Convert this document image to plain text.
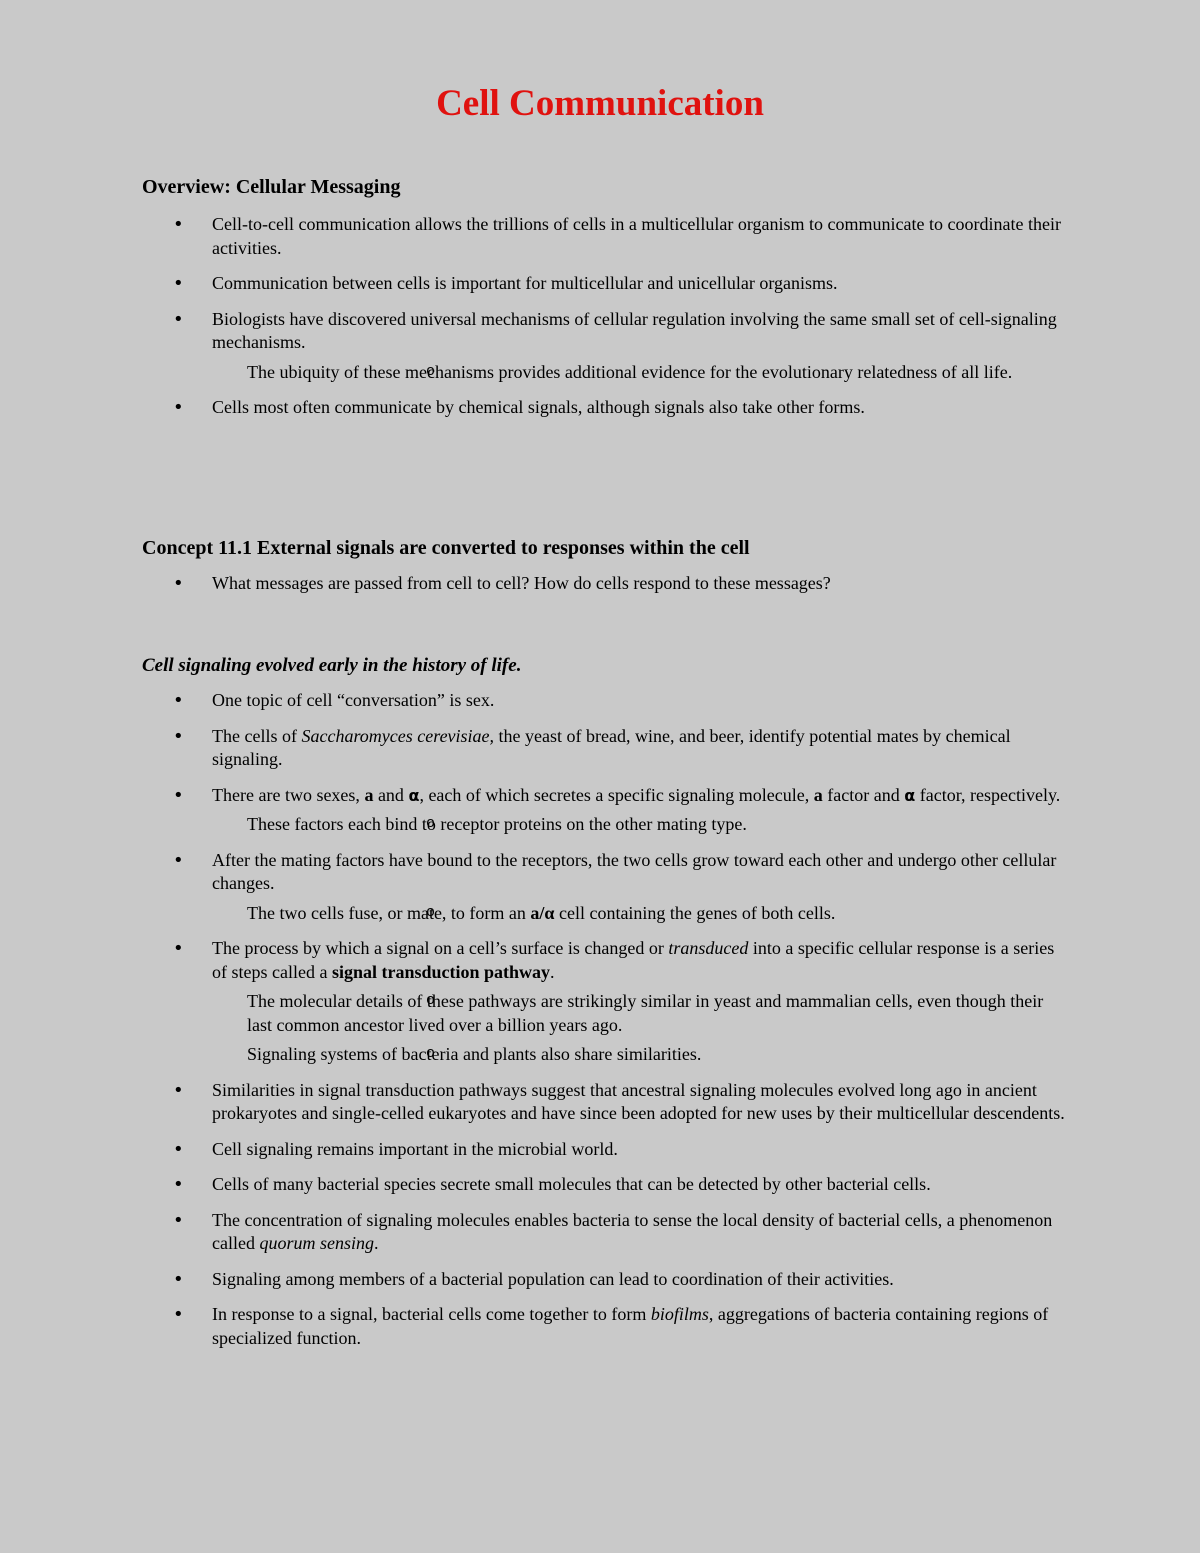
Cell Communication
Overview: Cellular Messaging
• Cell-to-cell communication allows the trillions of cells in a multicellular organism to communicate to coordinate their activities.
• Communication between cells is important for multicellular and unicellular organisms.
• Biologists have discovered universal mechanisms of cellular regulation involving the same small set of cell-signaling mechanisms.
o The ubiquity of these mechanisms provides additional evidence for the evolutionary relatedness of all life.
• Cells most often communicate by chemical signals, although signals also take other forms.
Concept 11.1 External signals are converted to responses within the cell
• What messages are passed from cell to cell? How do cells respond to these messages?
Cell signaling evolved early in the history of life.
• One topic of cell “conversation” is sex.
• The cells of Saccharomyces cerevisiae, the yeast of bread, wine, and beer, identify potential mates by chemical signaling.
• There are two sexes, a and α, each of which secretes a specific signaling molecule, a factor and α factor, respectively.
o These factors each bind to receptor proteins on the other mating type.
• After the mating factors have bound to the receptors, the two cells grow toward each other and undergo other cellular changes.
o The two cells fuse, or mate, to form an a/α cell containing the genes of both cells.
• The process by which a signal on a cell’s surface is changed or transduced into a specific cellular response is a series of steps called a signal transduction pathway.
o The molecular details of these pathways are strikingly similar in yeast and mammalian cells, even though their last common ancestor lived over a billion years ago.
o Signaling systems of bacteria and plants also share similarities.
• Similarities in signal transduction pathways suggest that ancestral signaling molecules evolved long ago in ancient prokaryotes and single-celled eukaryotes and have since been adopted for new uses by their multicellular descendents.
• Cell signaling remains important in the microbial world.
• Cells of many bacterial species secrete small molecules that can be detected by other bacterial cells.
• The concentration of signaling molecules enables bacteria to sense the local density of bacterial cells, a phenomenon called quorum sensing.
• Signaling among members of a bacterial population can lead to coordination of their activities.
• In response to a signal, bacterial cells come together to form biofilms, aggregations of bacteria containing regions of specialized function.
